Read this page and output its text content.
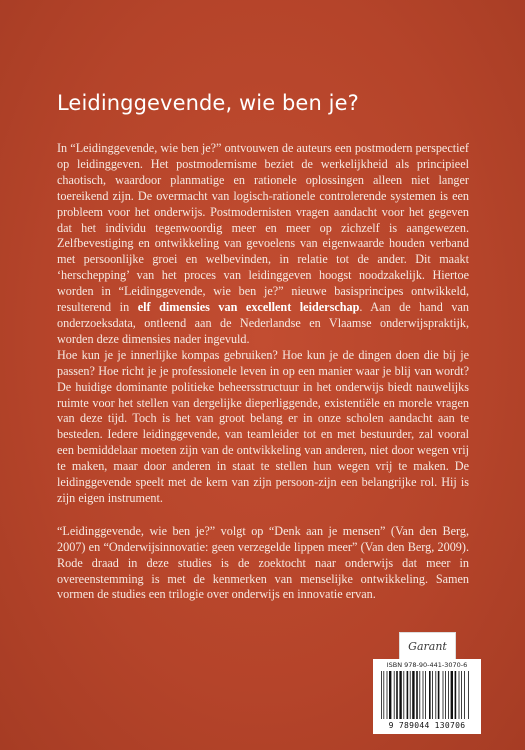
Leidinggevende, wie ben je?

In “Leidinggevende, wie ben je?” ontvouwen de auteurs een postmodern perspectief op leidinggeven. Het postmodernisme beziet de werkelijkheid als principieel chaotisch, waardoor planmatige en rationele oplossingen alleen niet langer toereikend zijn. De overmacht van logisch-rationele controlerende systemen is een probleem voor het onderwijs. Postmodernisten vragen aandacht voor het gegeven dat het individu tegenwoordig meer en meer op zichzelf is aangewezen. Zelfbevestiging en ontwikkeling van gevoelens van eigenwaarde houden verband met persoonlijke groei en welbevinden, in relatie tot de ander. Dit maakt ‘herschepping’ van het proces van leidinggeven hoogst noodzakelijk. Hiertoe worden in “Leidinggevende, wie ben je?” nieuwe basisprincipes ontwikkeld, resulterend in elf dimensies van excellent leiderschap. Aan de hand van onderzoeksdata, ontleend aan de Nederlandse en Vlaamse onderwijspraktijk, worden deze dimensies nader ingevuld.

Hoe kun je je innerlijke kompas gebruiken? Hoe kun je de dingen doen die bij je passen? Hoe richt je je professionele leven in op een manier waar je blij van wordt? De huidige dominante politieke beheersstructuur in het onderwijs biedt nauwelijks ruimte voor het stellen van dergelijke dieperliggende, existentiële en morele vragen van deze tijd. Toch is het van groot belang er in onze scholen aandacht aan te besteden. Iedere leidinggevende, van teamleider tot en met bestuurder, zal vooral een bemiddelaar moeten zijn van de ontwikkeling van anderen, niet door wegen vrij te maken, maar door anderen in staat te stellen hun wegen vrij te maken. De leidinggevende speelt met de kern van zijn persoon-zijn een belangrijke rol. Hij is zijn eigen instrument.

“Leidinggevende, wie ben je?” volgt op “Denk aan je mensen” (Van den Berg, 2007) en “Onderwijsinnovatie: geen verzegelde lippen meer” (Van den Berg, 2009). Rode draad in deze studies is de zoektocht naar onderwijs dat meer in overeenstemming is met de kenmerken van menselijke ontwikkeling. Samen vormen de studies een trilogie over onderwijs en innovatie ervan.

Garant
ISBN 978-90-441-3070-6
9 789044 130706
